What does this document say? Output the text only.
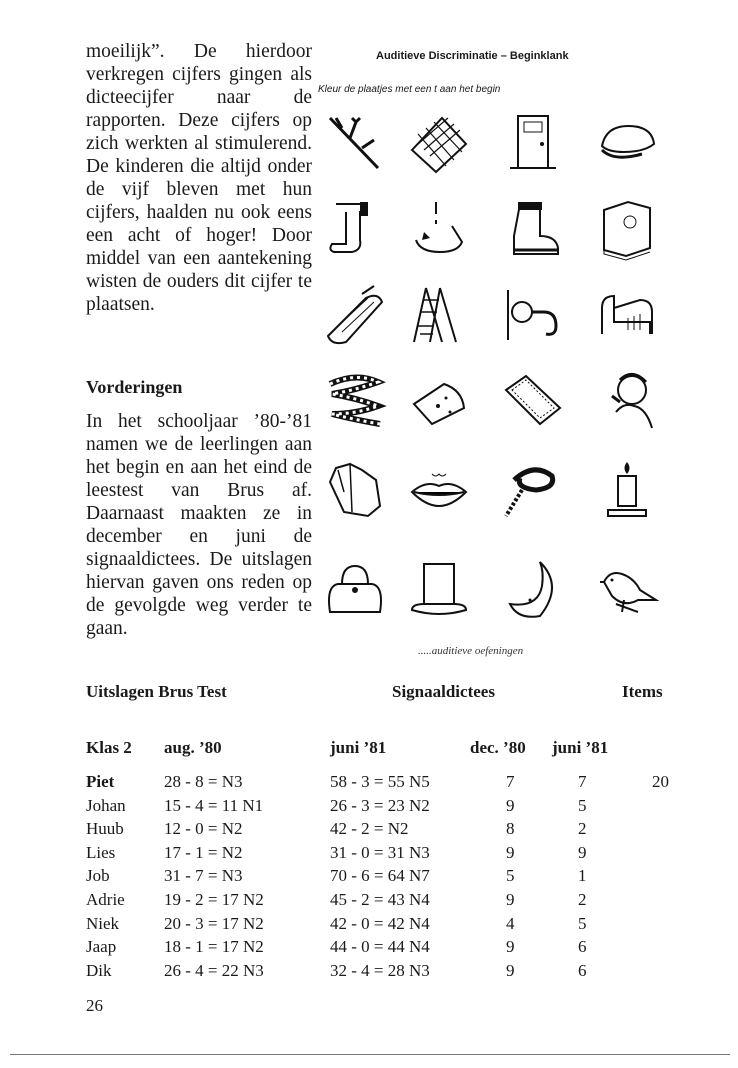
moeilijk”. De hierdoor verkregen cijfers gingen als dicteecijfer naar de rapporten. Deze cijfers op zich werkten al stimulerend. De kinderen die altijd onder de vijf bleven met hun cijfers, haalden nu ook eens een acht of hoger! Door middel van een aantekening wisten de ouders dit cijfer te plaatsen.

Vorderingen

In het schooljaar ’80-’81 namen we de leerlingen aan het begin en aan het eind de leestest van Brus af. Daarnaast maakten ze in december en juni de signaaldictees. De uitslagen hiervan gaven ons reden op de gevolgde weg verder te gaan.

Auditieve Discriminatie – Beginklank
Kleur de plaatjes met een t aan het begin
.....auditieve oefeningen
Uitslagen Brus Test	Signaaldictees	Items
Klas 2 aug. ’80	juni ’81	dec. ’80 juni ’81
Piet	28 - 8 = N3	58 - 3 = 55 N5	7	7	20
Johan 15 - 4 = 11 N1	26 - 3 = 23 N2	9	5
Huub 12 - 0 = N2	42 - 2 = N2	8	2
Lies	17 - 1 = N2	31 - 0 = 31 N3	9	9
Job	31 - 7 = N3	70 - 6 = 64 N7	5	1
Adrie 19 - 2 = 17 N2	45 - 2 = 43 N4	9	2
Niek	20 - 3 = 17 N2	42 - 0 = 42 N4	4	5
Jaap	18 - 1 = 17 N2	44 - 0 = 44 N4	9	6
Dik	26 - 4 = 22 N3	32 - 4 = 28 N3	9	6
26
